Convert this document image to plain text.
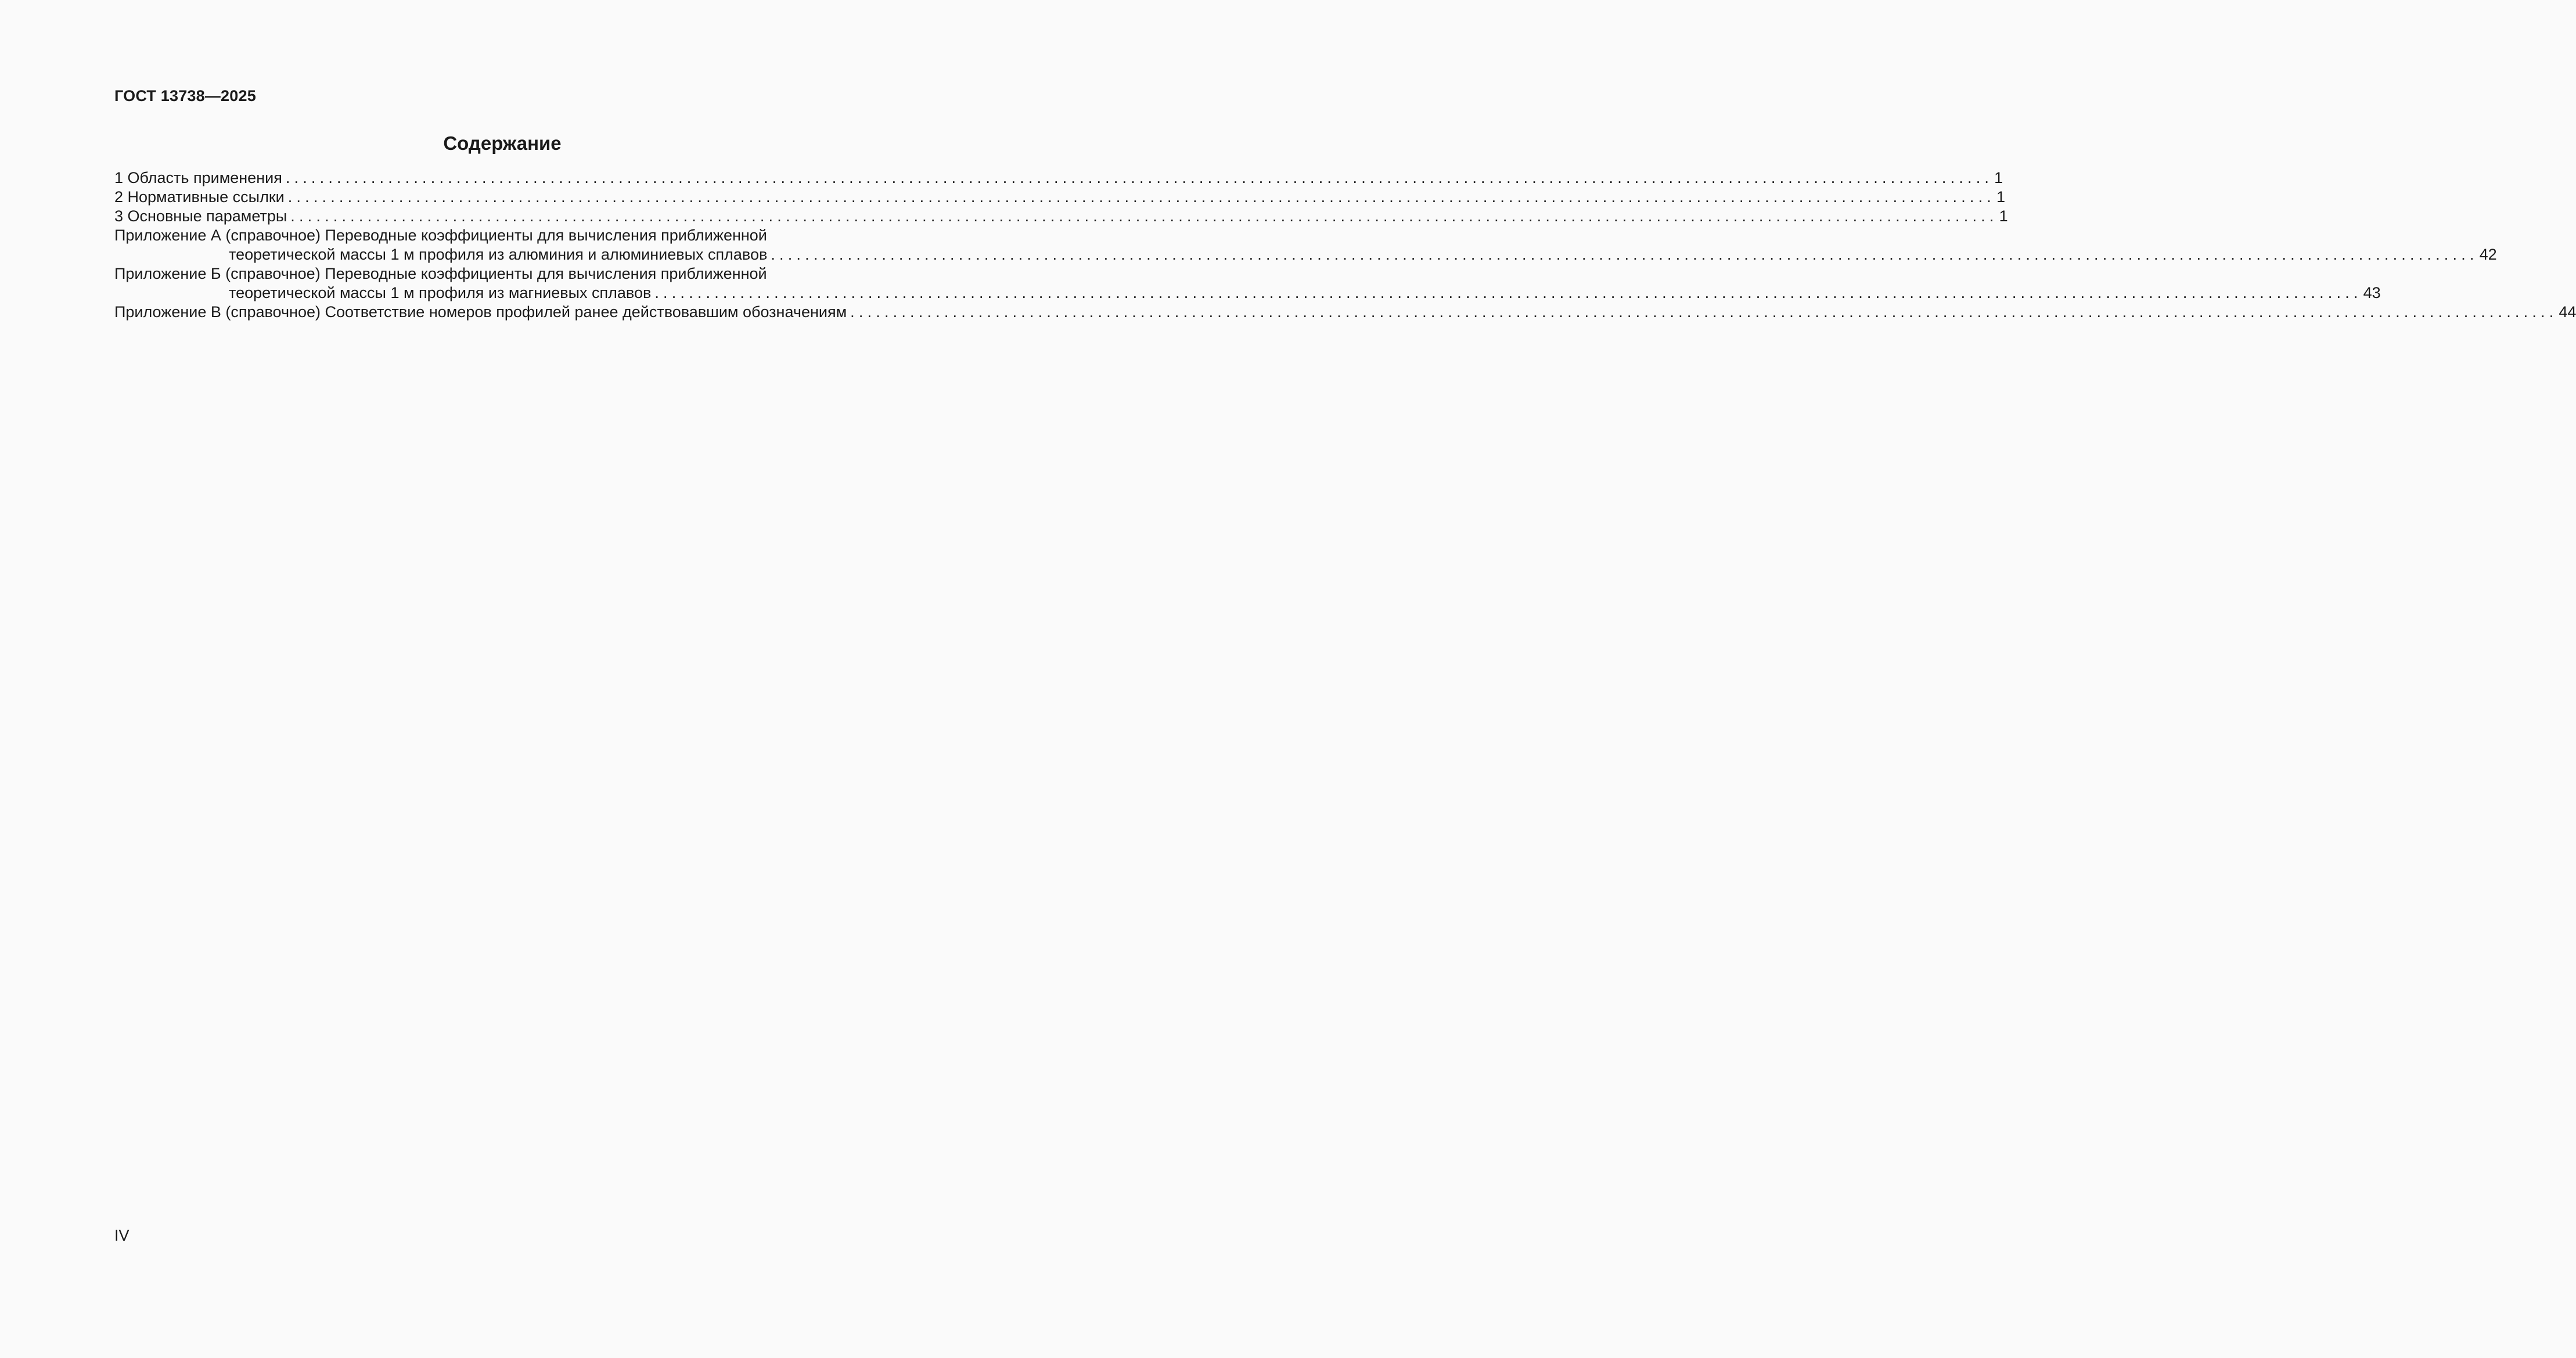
ГОСТ 13738—2025
Содержание
1 Область применения ........................................................................................................................................................................................................ 1
2 Нормативные ссылки ........................................................................................................................................................................................................ 1
3 Основные параметры ........................................................................................................................................................................................................ 1
Приложение А (справочное) Переводные коэффициенты для вычисления приближенной
теоретической массы 1 м профиля из алюминия и алюминиевых сплавов ........................................................................................................................................................................................................ 42
Приложение Б (справочное) Переводные коэффициенты для вычисления приближенной
теоретической массы 1 м профиля из магниевых сплавов ........................................................................................................................................................................................................ 43
Приложение В (справочное) Соответствие номеров профилей ранее действовавшим обозначениям ........................................................................................................................................................................................................ 44
IV
